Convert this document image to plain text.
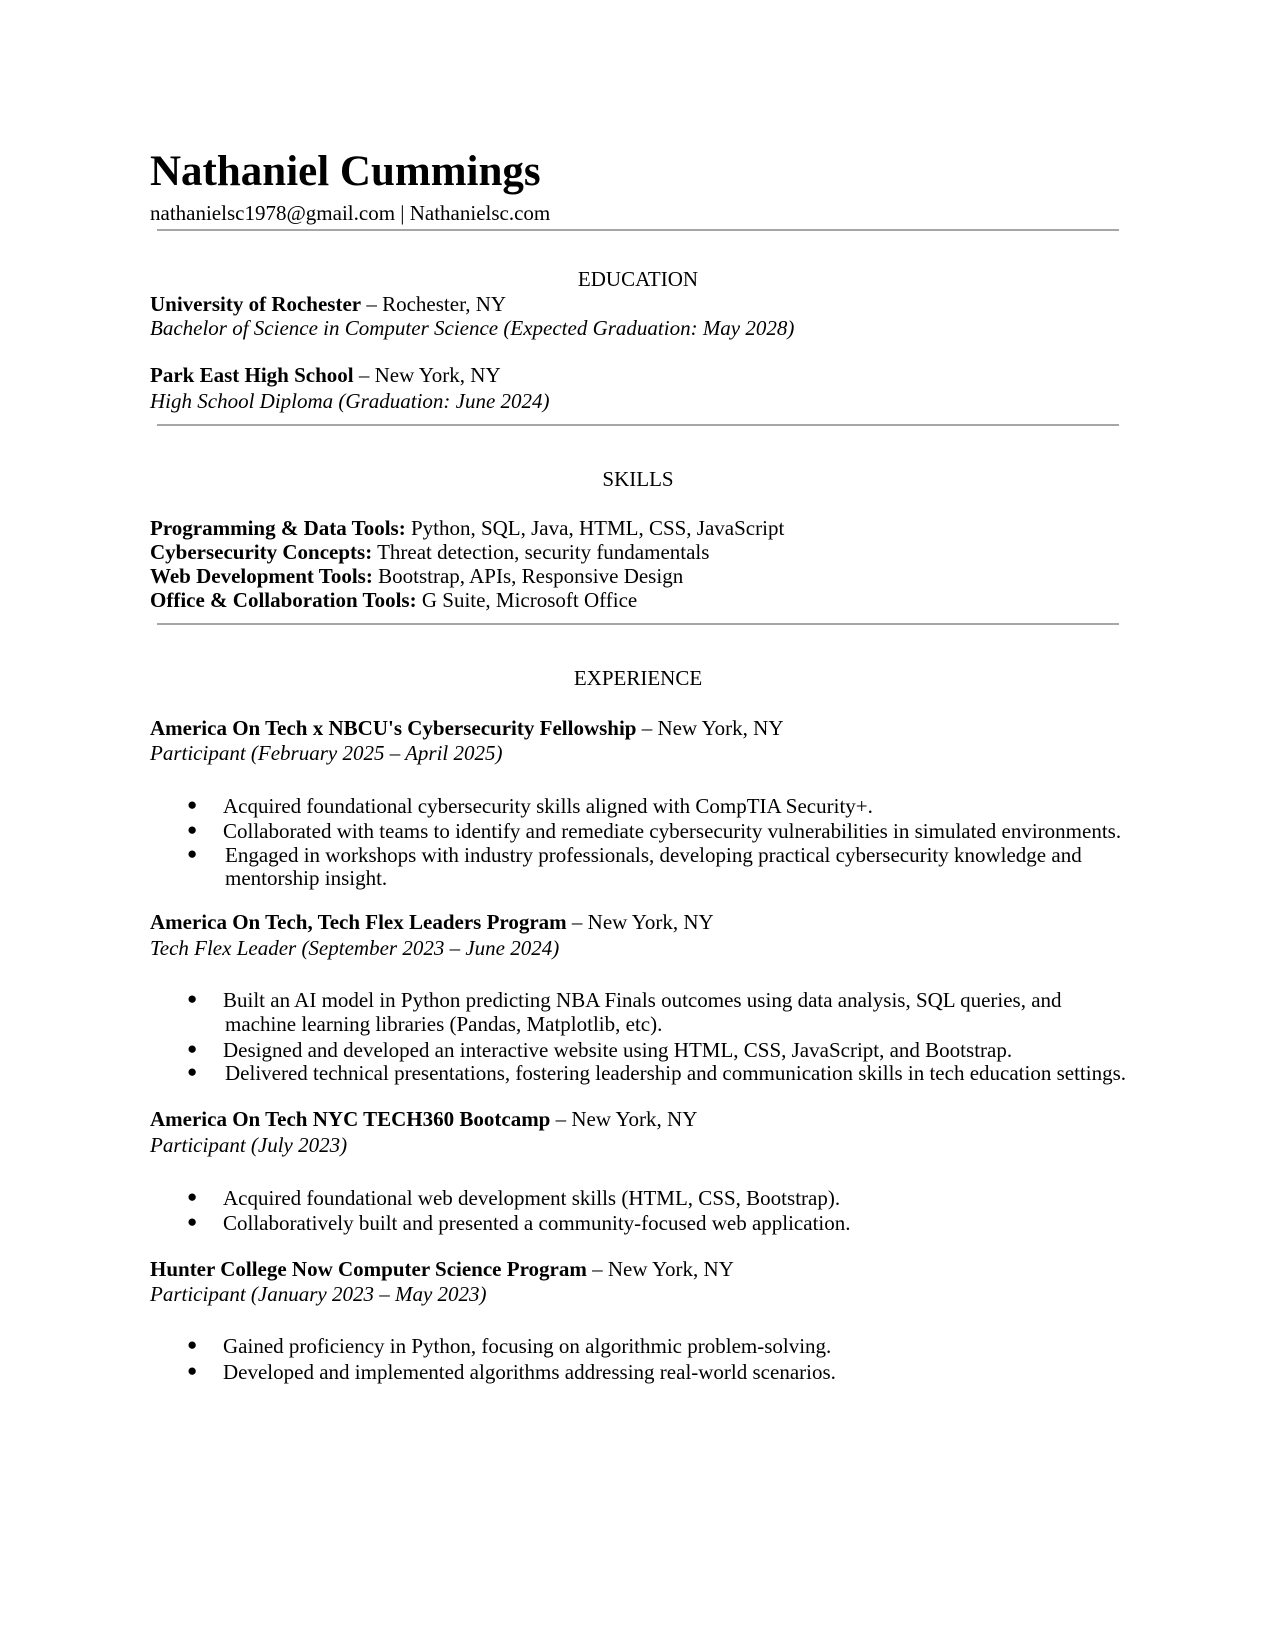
Nathaniel Cummings
nathanielsc1978@gmail.com | Nathanielsc.com
EDUCATION
University of Rochester – Rochester, NY
Bachelor of Science in Computer Science (Expected Graduation: May 2028)
Park East High School – New York, NY
High School Diploma (Graduation: June 2024)
SKILLS
Programming & Data Tools: Python, SQL, Java, HTML, CSS, JavaScript
Cybersecurity Concepts: Threat detection, security fundamentals
Web Development Tools: Bootstrap, APIs, Responsive Design
Office & Collaboration Tools: G Suite, Microsoft Office
EXPERIENCE
America On Tech x NBCU's Cybersecurity Fellowship – New York, NY
Participant (February 2025 – April 2025)
● Acquired foundational cybersecurity skills aligned with CompTIA Security+.
● Collaborated with teams to identify and remediate cybersecurity vulnerabilities in simulated environments.
● Engaged in workshops with industry professionals, developing practical cybersecurity knowledge and
mentorship insight.
America On Tech, Tech Flex Leaders Program – New York, NY
Tech Flex Leader (September 2023 – June 2024)
● Built an AI model in Python predicting NBA Finals outcomes using data analysis, SQL queries, and
machine learning libraries (Pandas, Matplotlib, etc).
● Designed and developed an interactive website using HTML, CSS, JavaScript, and Bootstrap.
● Delivered technical presentations, fostering leadership and communication skills in tech education settings.
America On Tech NYC TECH360 Bootcamp – New York, NY
Participant (July 2023)
● Acquired foundational web development skills (HTML, CSS, Bootstrap).
● Collaboratively built and presented a community-focused web application.
Hunter College Now Computer Science Program – New York, NY
Participant (January 2023 – May 2023)
● Gained proficiency in Python, focusing on algorithmic problem-solving.
● Developed and implemented algorithms addressing real-world scenarios.
